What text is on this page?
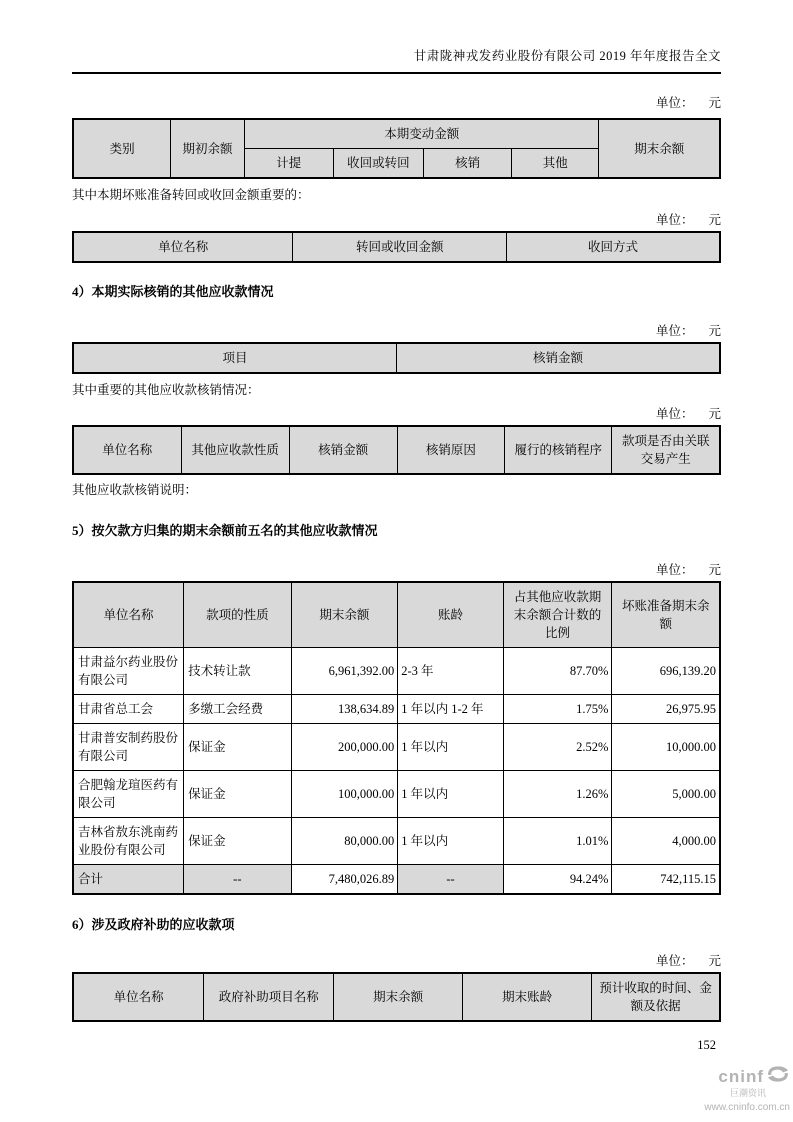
甘肃陇神戎发药业股份有限公司 2019 年年度报告全文
单位： 元
类别	期初余额	本期变动金额				期末余额
		计提	收回或转回	核销	其他	
其中本期坏账准备转回或收回金额重要的：
单位： 元
单位名称	转回或收回金额	收回方式
4）本期实际核销的其他应收款情况
单位： 元
项目	核销金额
其中重要的其他应收款核销情况：
单位： 元
单位名称	其他应收款性质	核销金额	核销原因	履行的核销程序	款项是否由关联交易产生
其他应收款核销说明：
5）按欠款方归集的期末余额前五名的其他应收款情况
单位： 元
单位名称	款项的性质	期末余额	账龄	占其他应收款期末余额合计数的比例	坏账准备期末余额
甘肃益尔药业股份有限公司	技术转让款	6,961,392.00	2-3 年	87.70%	696,139.20
甘肃省总工会	多缴工会经费	138,634.89	1 年以内 1-2 年	1.75%	26,975.95
甘肃普安制药股份有限公司	保证金	200,000.00	1 年以内	2.52%	10,000.00
合肥翰龙瑄医药有限公司	保证金	100,000.00	1 年以内	1.26%	5,000.00
吉林省敖东洮南药业股份有限公司	保证金	80,000.00	1 年以内	1.01%	4,000.00
合计	--	7,480,026.89	--	94.24%	742,115.15
6）涉及政府补助的应收款项
单位： 元
单位名称	政府补助项目名称	期末余额	期末账龄	预计收取的时间、金额及依据
152
cninf
巨潮资讯
www.cninfo.com.cn
